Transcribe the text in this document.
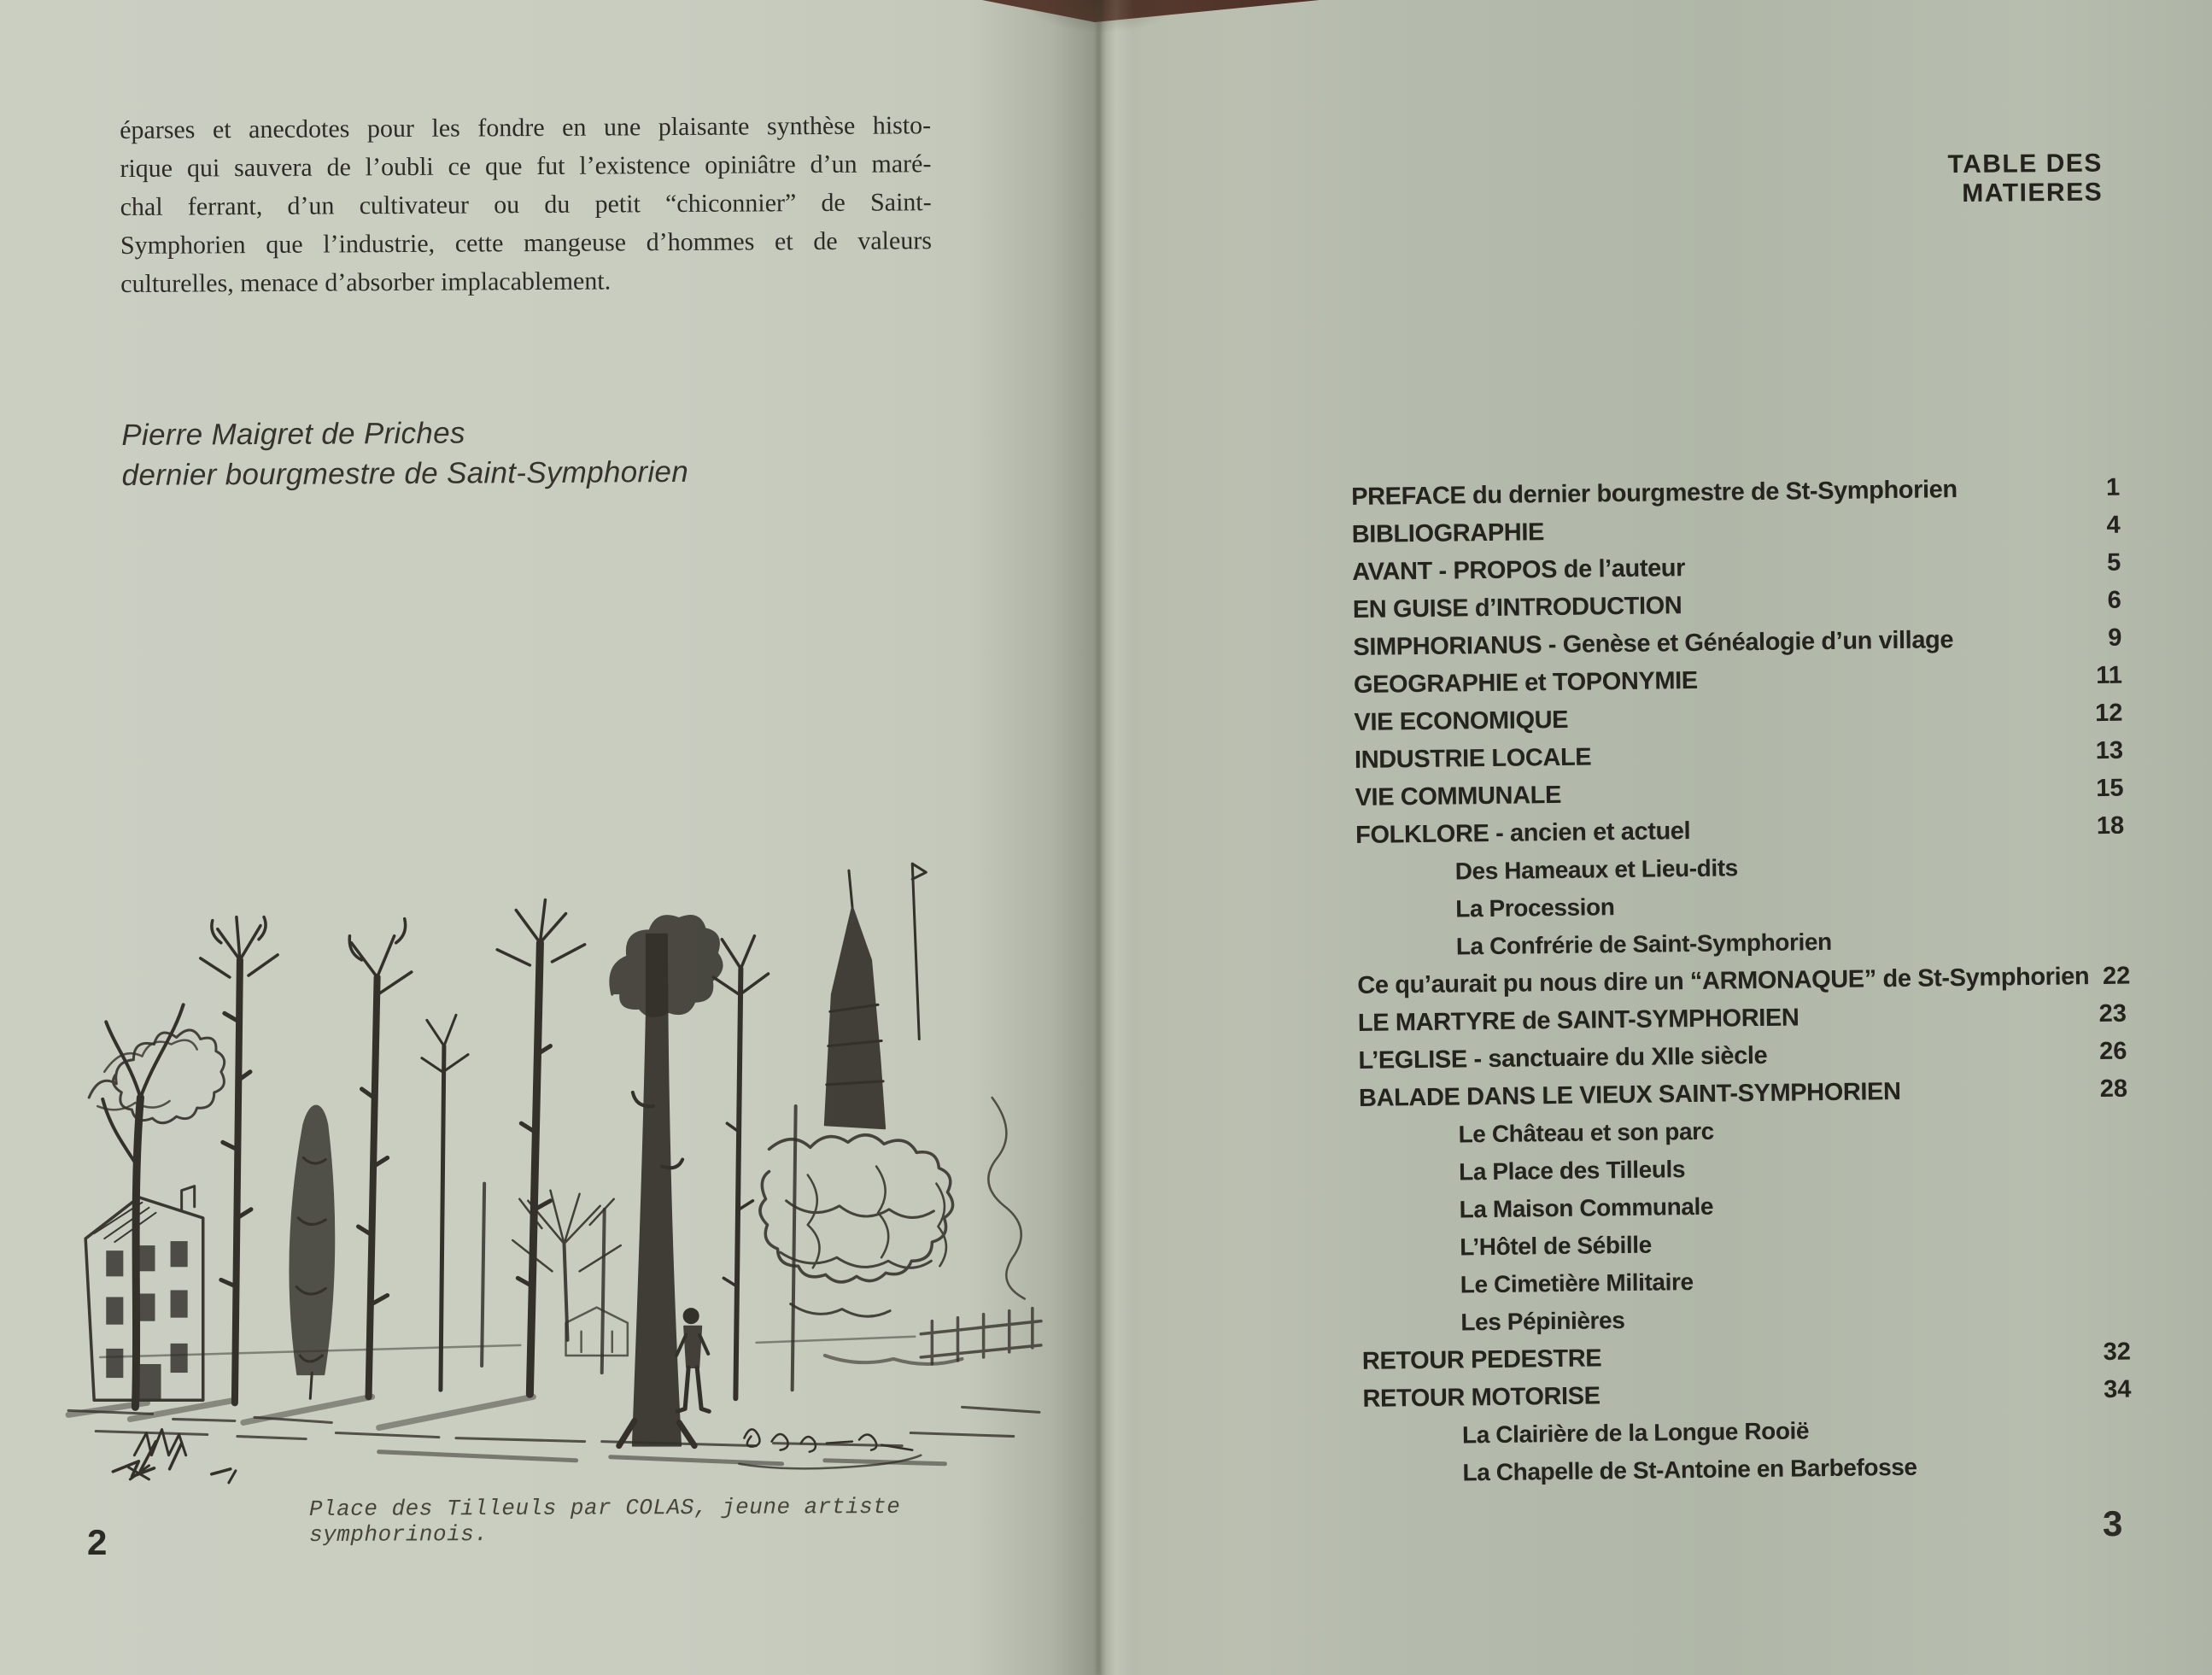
éparses et anecdotes pour les fondre en une plaisante synthèse histo-
rique qui sauvera de l’oubli ce que fut l’existence opiniâtre d’un maré-
chal ferrant, d’un cultivateur ou du petit “chiconnier” de Saint-
Symphorien que l’industrie, cette mangeuse d’hommes et de valeurs
culturelles, menace d’absorber implacablement.
Pierre Maigret de Priches
dernier bourgmestre de Saint-Symphorien
Place des Tilleuls par COLAS, jeune artiste symphorinois.
2
TABLE DES MATIERES
PREFACE du dernier bourgmestre de St-Symphorien	1
BIBLIOGRAPHIE	4
AVANT - PROPOS de l’auteur	5
EN GUISE d’INTRODUCTION	6
SIMPHORIANUS - Genèse et Généalogie d’un village	9
GEOGRAPHIE et TOPONYMIE	11
VIE ECONOMIQUE	12
INDUSTRIE LOCALE	13
VIE COMMUNALE	15
FOLKLORE - ancien et actuel	18
Des Hameaux et Lieu-dits
La Procession
La Confrérie de Saint-Symphorien
Ce qu’aurait pu nous dire un “ARMONAQUE” de St-Symphorien 22
LE MARTYRE de SAINT-SYMPHORIEN	23
L’EGLISE - sanctuaire du XIIe siècle	26
BALADE DANS LE VIEUX SAINT-SYMPHORIEN	28
Le Château et son parc
La Place des Tilleuls
La Maison Communale
L’Hôtel de Sébille
Le Cimetière Militaire
Les Pépinières
RETOUR PEDESTRE	32
RETOUR MOTORISE	34
La Clairière de la Longue Rooië
La Chapelle de St-Antoine en Barbefosse
3
